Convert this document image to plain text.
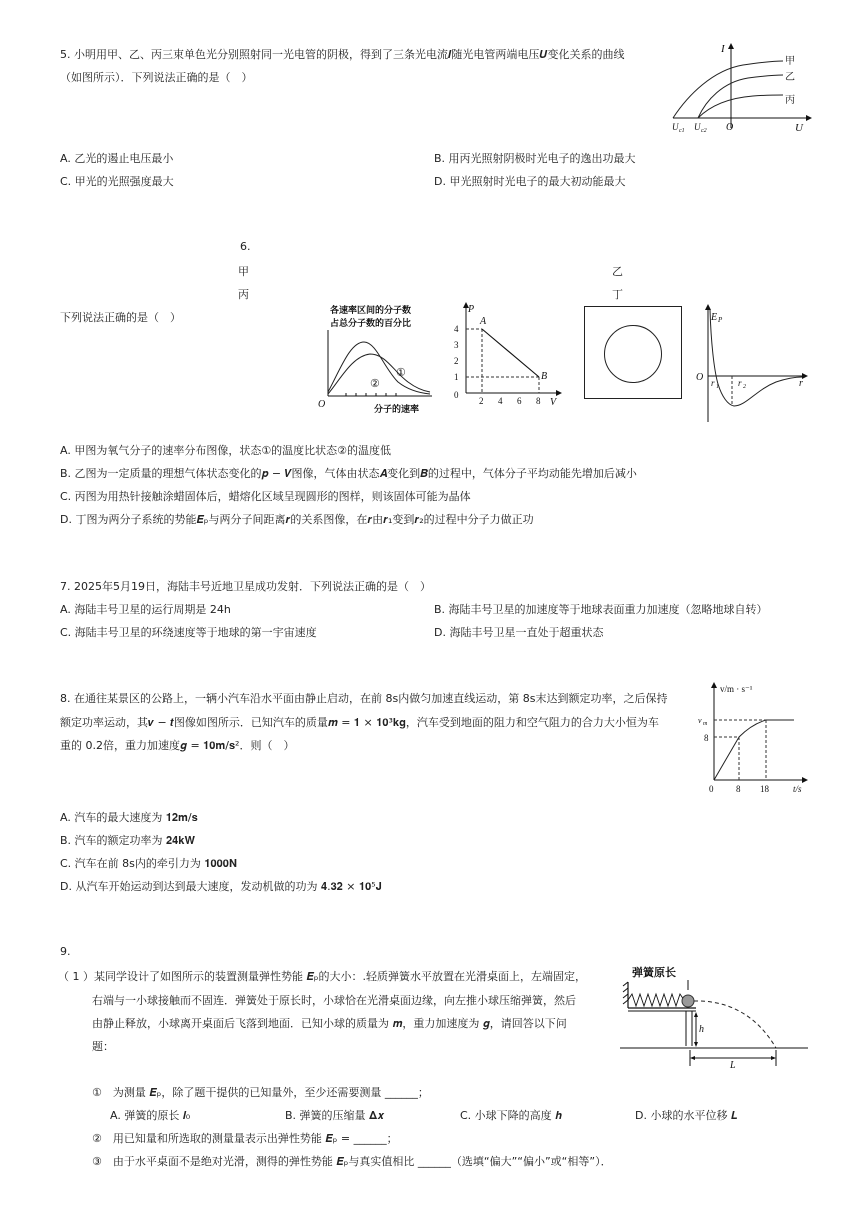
5. 小明用甲、乙、丙三束单色光分别照射同一光电管的阴极，得到了三条光电流𝑰随光电管两端电压𝑼变化关系的曲线
（如图所示）．下列说法正确的是（　）
I
U
O
甲
乙
丙
U c1 U c2
A. 乙光的遏止电压最小	B. 用丙光照射阴极时光电子的逸出功最大
C. 甲光的光照强度最大	D. 甲光照射时光电子的最大初动能最大
6.
甲
丙
乙
丁
下列说法正确的是（　）
各速率区间的分子数
占总分子数的百分比
①
②
O	分子的速率
P
V
0
4
3
2
1
2 4 6 8
A
B
E P
r
O r 1 r 2
A. 甲图为氧气分子的速率分布图像，状态①的温度比状态②的温度低
B. 乙图为一定质量的理想气体状态变化的𝒑 − 𝑽图像，气体由状态𝑨变化到𝑩的过程中，气体分子平均动能先增加后减小
C. 丙图为用热针接触涂蜡固体后，蜡熔化区域呈现圆形的图样，则该固体可能为晶体
D. 丁图为两分子系统的势能𝑬ₚ与两分子间距离𝒓的关系图像，在𝒓由𝒓₁变到𝒓₂的过程中分子力做正功
7. 2025年5月19日，海陆丰号近地卫星成功发射．下列说法正确的是（　）
A. 海陆丰号卫星的运行周期是 24h	B. 海陆丰号卫星的加速度等于地球表面重力加速度（忽略地球自转）
C. 海陆丰号卫星的环绕速度等于地球的第一宇宙速度	D. 海陆丰号卫星一直处于超重状态
8. 在通往某景区的公路上，一辆小汽车沿水平面由静止启动，在前 8s内做匀加速直线运动，第 8s末达到额定功率，之后保持
额定功率运动，其𝒗 − 𝒕图像如图所示．已知汽车的质量𝒎 = 𝟏 × 𝟏𝟎³𝐤𝐠，汽车受到地面的阻力和空气阻力的合力大小恒为车
重的 0.2倍，重力加速度𝒈 = 𝟏𝟎𝐦/𝐬²．则（　）
v/m · s⁻¹
v m
8
0	8 18	t/s
A. 汽车的最大速度为 𝟏𝟐𝐦/𝐬
B. 汽车的额定功率为 𝟐𝟒𝐤𝐖
C. 汽车在前 8s内的牵引力为 𝟏𝟎𝟎𝟎𝐍
D. 从汽车开始运动到达到最大速度，发动机做的功为 𝟒.𝟑𝟐 × 𝟏𝟎⁵𝐉
9.
（ 1 ）某同学设计了如图所示的装置测量弹性势能 𝑬ₚ的大小：.轻质弹簧水平放置在光滑桌面上，左端固定，
右端与一小球接触而不固连．弹簧处于原长时，小球恰在光滑桌面边缘，向左推小球压缩弹簧，然后
由静止释放，小球离开桌面后飞落到地面．已知小球的质量为 𝒎，重力加速度为 𝒈，请回答以下问
题：
弹簧原长
h
L
①　为测量 𝑬ₚ，除了题干提供的已知量外，至少还需要测量 ______；
A. 弹簧的原长 𝒍₀	B. 弹簧的压缩量 𝚫𝒙	C. 小球下降的高度 𝒉	D. 小球的水平位移 𝑳
②　用已知量和所选取的测量量表示出弹性势能 𝑬ₚ = ______；
③　由于水平桌面不是绝对光滑，测得的弹性势能 𝑬ₚ与真实值相比 ______（选填“偏大”“偏小”或“相等”）．
